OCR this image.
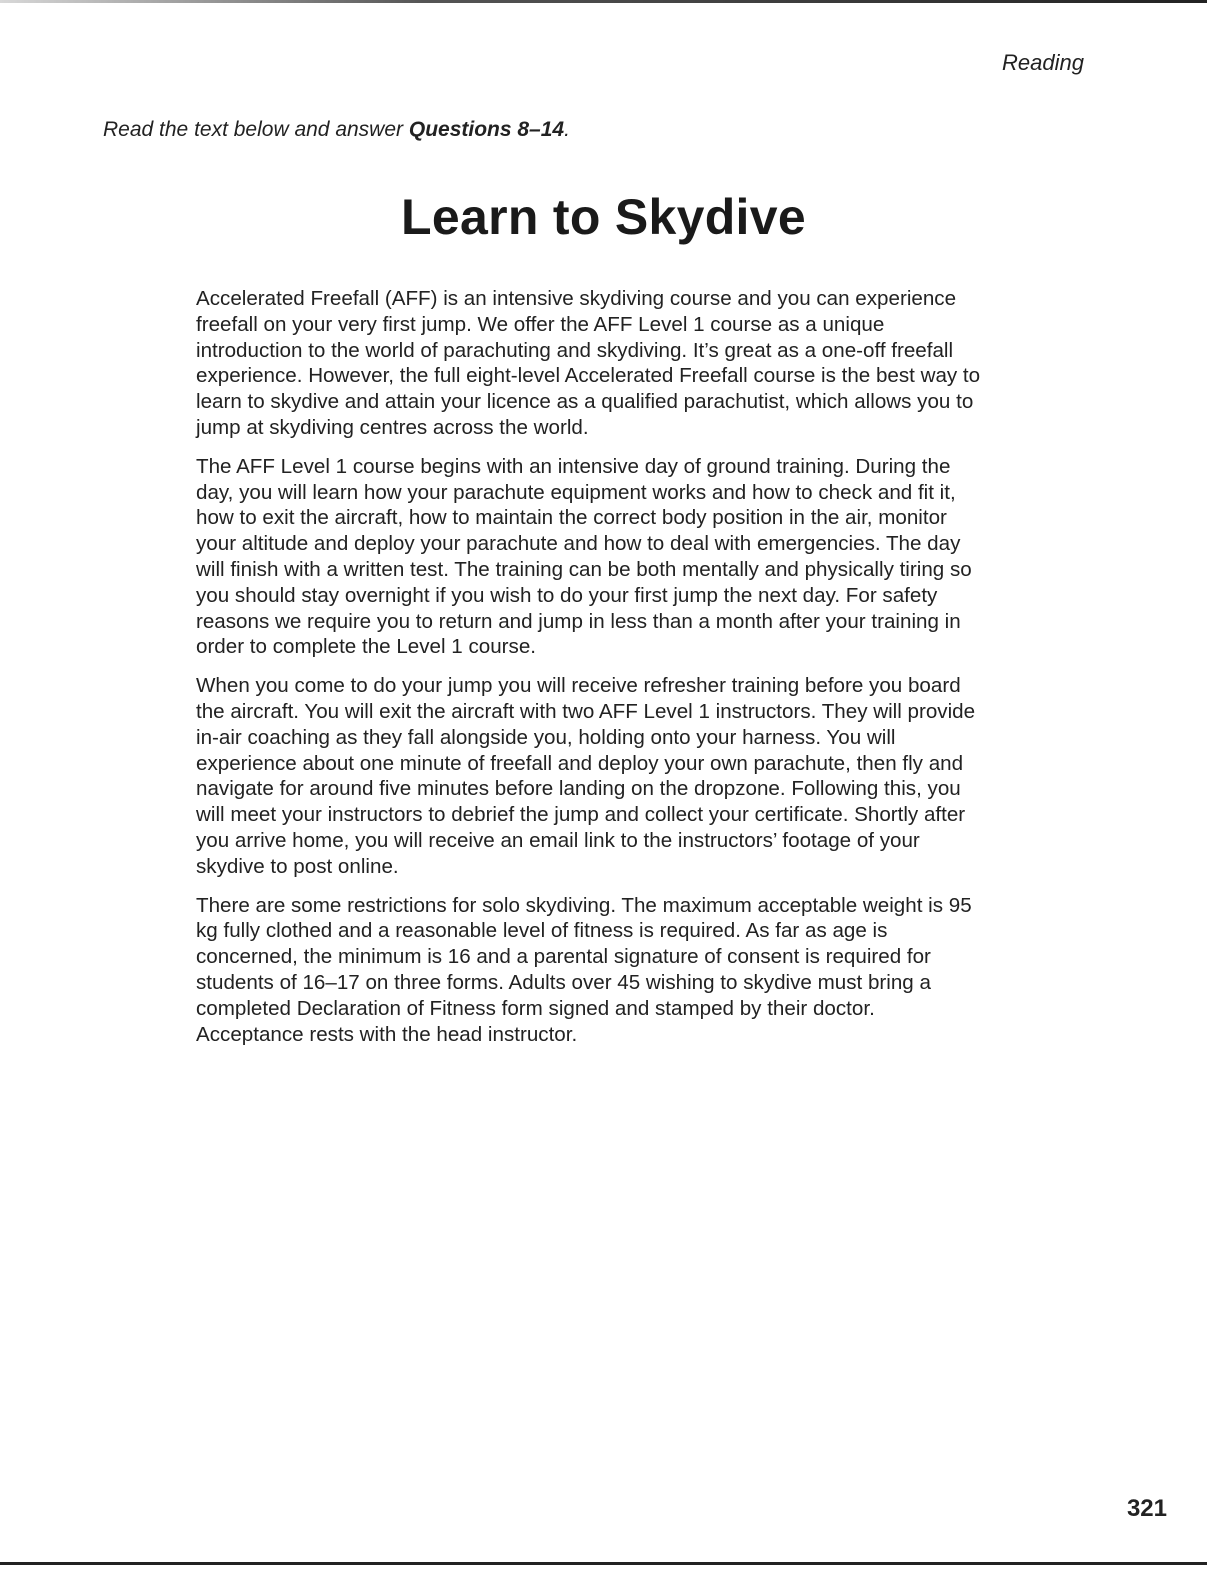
Reading
Read the text below and answer Questions 8–14.
Learn to Skydive

Accelerated Freefall (AFF) is an intensive skydiving course and you can experience freefall on your very first jump. We offer the AFF Level 1 course as a unique introduction to the world of parachuting and skydiving. It’s great as a one-off freefall experience. However, the full eight-level Accelerated Freefall course is the best way to learn to skydive and attain your licence as a qualified parachutist, which allows you to jump at skydiving centres across the world.

The AFF Level 1 course begins with an intensive day of ground training. During the day, you will learn how your parachute equipment works and how to check and fit it, how to exit the aircraft, how to maintain the correct body position in the air, monitor your altitude and deploy your parachute and how to deal with emergencies. The day will finish with a written test. The training can be both mentally and physically tiring so you should stay overnight if you wish to do your first jump the next day. For safety reasons we require you to return and jump in less than a month after your training in order to complete the Level 1 course.

When you come to do your jump you will receive refresher training before you board the aircraft. You will exit the aircraft with two AFF Level 1 instructors. They will provide in-air coaching as they fall alongside you, holding onto your harness. You will experience about one minute of freefall and deploy your own parachute, then fly and navigate for around five minutes before landing on the dropzone. Following this, you will meet your instructors to debrief the jump and collect your certificate. Shortly after you arrive home, you will receive an email link to the instructors’ footage of your skydive to post online.

There are some restrictions for solo skydiving. The maximum acceptable weight is 95 kg fully clothed and a reasonable level of fitness is required. As far as age is concerned, the minimum is 16 and a parental signature of consent is required for students of 16–17 on three forms. Adults over 45 wishing to skydive must bring a completed Declaration of Fitness form signed and stamped by their doctor. Acceptance rests with the head instructor.

321
